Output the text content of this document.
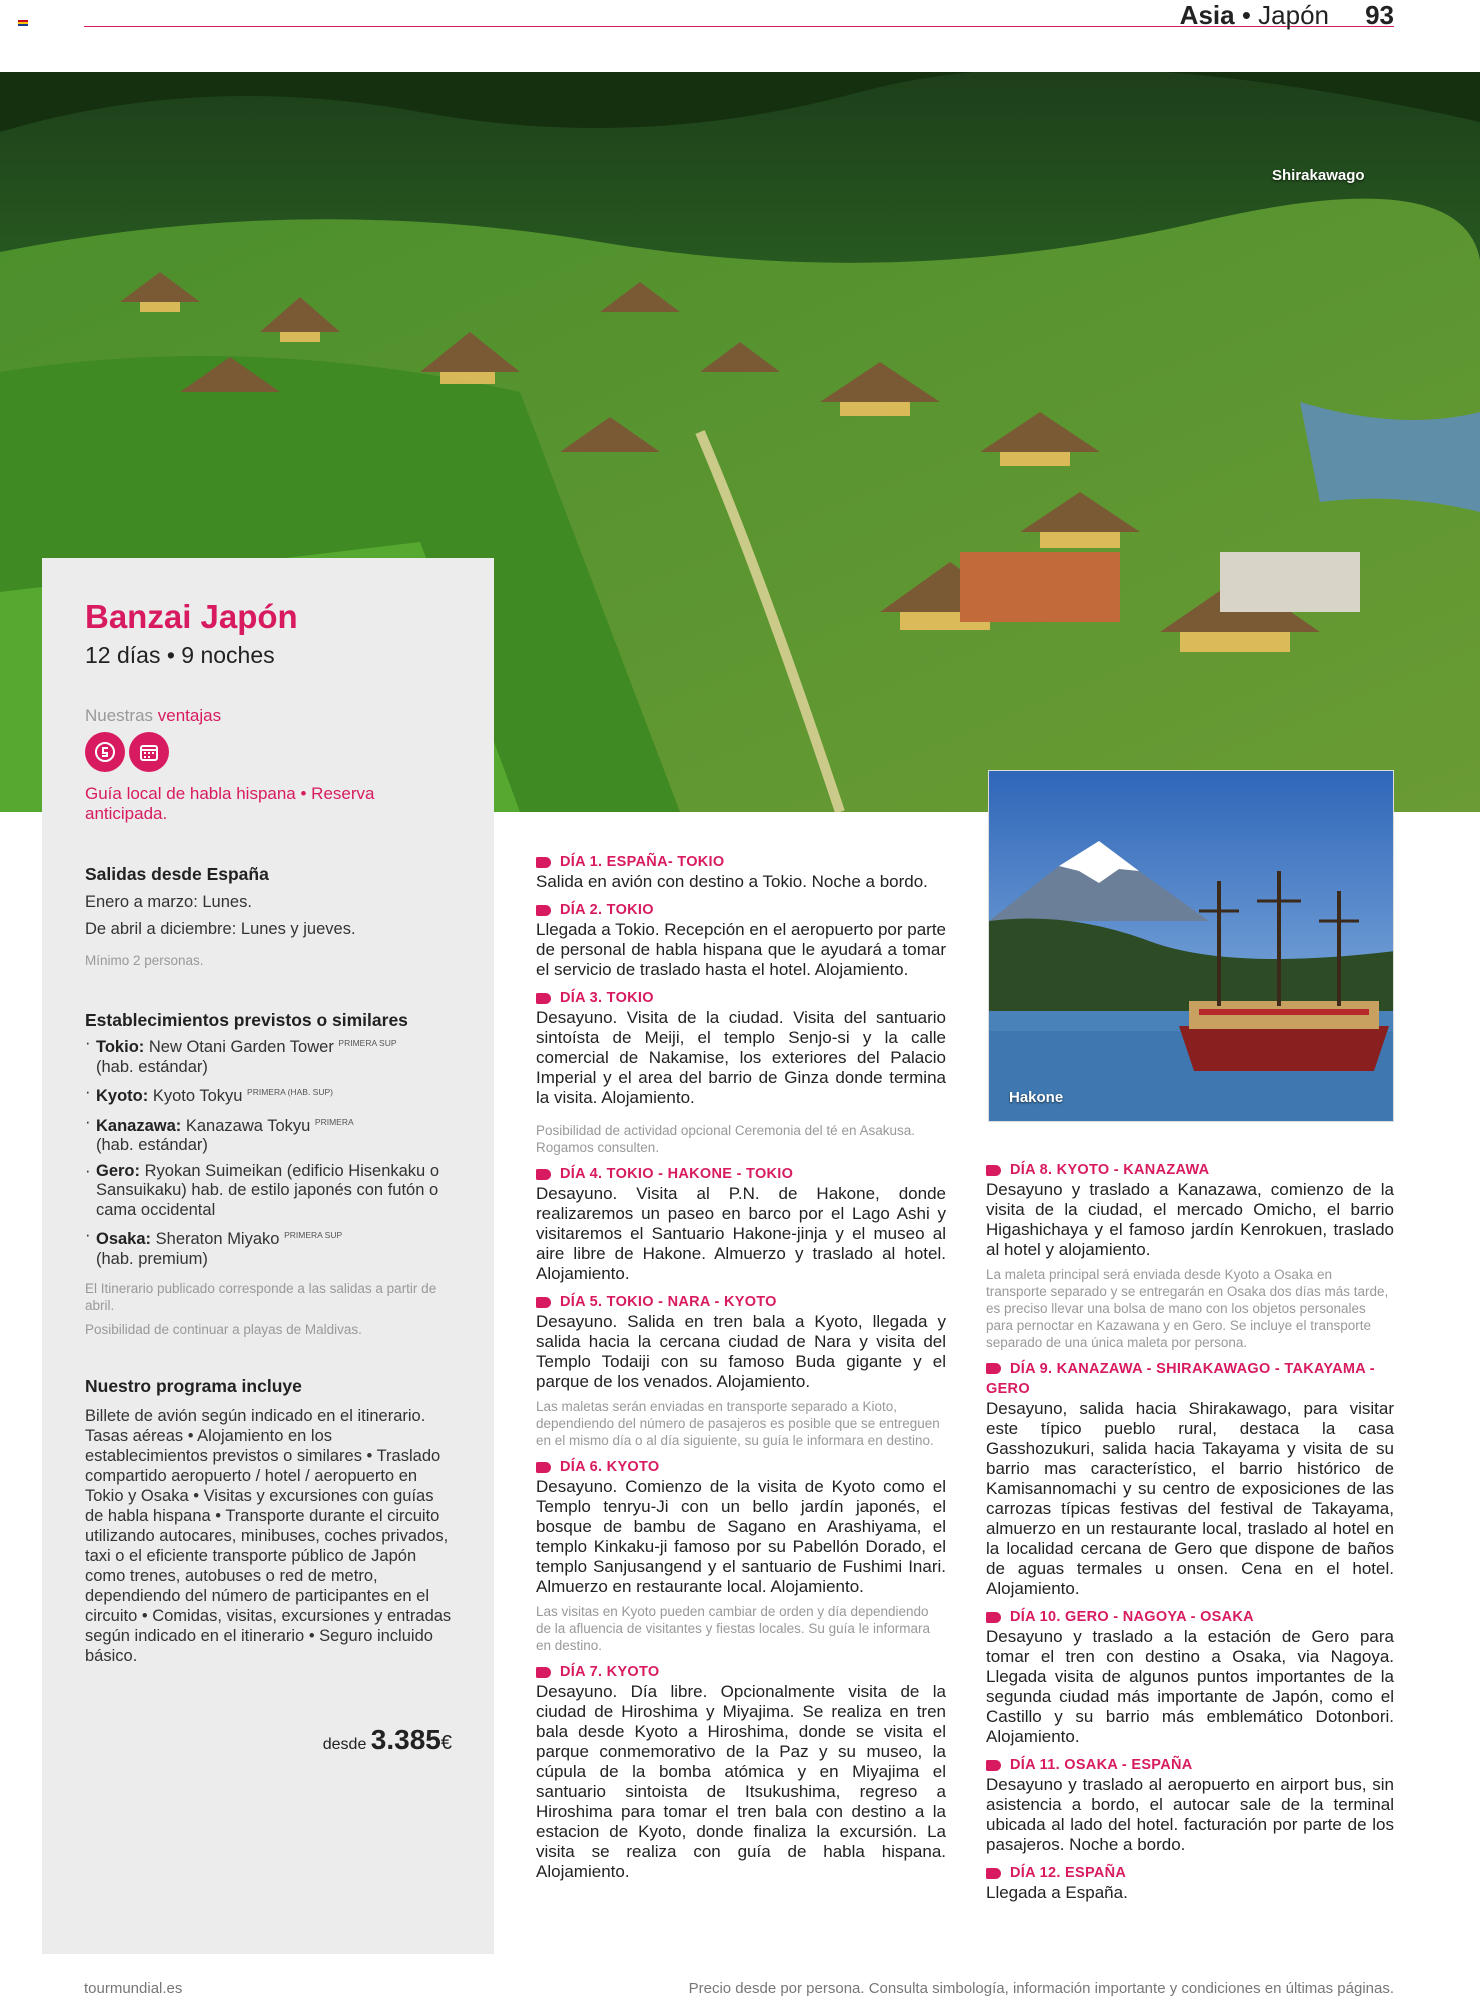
Asia • Japón 93
Shirakawago
Banzai Japón
12 días • 9 noches
Nuestras ventajas
Guía local de habla hispana • Reserva anticipada.
Salidas desde España
Enero a marzo: Lunes.
De abril a diciembre: Lunes y jueves.
Mínimo 2 personas.
Establecimientos previstos o similares
· Tokio: New Otani Garden Tower $^{PRIMERA SUP}$
(hab. estándar)
· Kyoto: Kyoto Tokyu $^{PRIMERA (HAB. SUP)}$
· Kanazawa: Kanazawa Tokyu $^{PRIMERA}$
(hab. estándar)
· Gero: Ryokan Suimeikan (edificio Hisenkaku o Sansuikaku) hab. de estilo japonés con futón o cama occidental
· Osaka: Sheraton Miyako $^{PRIMERA SUP}$
(hab. premium)
El Itinerario publicado corresponde a las salidas a partir de abril.
Posibilidad de continuar a playas de Maldivas.
Nuestro programa incluye
Billete de avión según indicado en el itinerario. Tasas aéreas • Alojamiento en los establecimientos previstos o similares • Traslado compartido aeropuerto / hotel / aeropuerto en Tokio y Osaka • Visitas y excursiones con guías de habla hispana • Transporte durante el circuito utilizando autocares, minibuses, coches privados, taxi o el eficiente transporte público de Japón como trenes, autobuses o red de metro, dependiendo del número de participantes en el circuito • Comidas, visitas, excursiones y entradas según indicado en el itinerario • Seguro incluido básico.
desde 3.385€
DÍA 1. ESPAÑA- TOKIO
Salida en avión con destino a Tokio. Noche a bordo.
DÍA 2. TOKIO
Llegada a Tokio. Recepción en el aeropuerto por parte de personal de habla hispana que le ayudará a tomar el servicio de traslado hasta el hotel. Alojamiento.
DÍA 3. TOKIO
Desayuno. Visita de la ciudad. Visita del santuario sintoísta de Meiji, el templo Senjo-si y la calle comercial de Nakamise, los exteriores del Palacio Imperial y el area del barrio de Ginza donde termina la visita. Alojamiento.
Posibilidad de actividad opcional Ceremonia del té en Asakusa. Rogamos consulten.
DÍA 4. TOKIO - HAKONE - TOKIO
Desayuno. Visita al P.N. de Hakone, donde realizaremos un paseo en barco por el Lago Ashi y visitaremos el Santuario Hakone-jinja y el museo al aire libre de Hakone. Almuerzo y traslado al hotel. Alojamiento.
DÍA 5. TOKIO - NARA - KYOTO
Desayuno. Salida en tren bala a Kyoto, llegada y salida hacia la cercana ciudad de Nara y visita del Templo Todaiji con su famoso Buda gigante y el parque de los venados. Alojamiento.
Las maletas serán enviadas en transporte separado a Kioto, dependiendo del número de pasajeros es posible que se entreguen en el mismo día o al día siguiente, su guía le informara en destino.
DÍA 6. KYOTO
Desayuno. Comienzo de la visita de Kyoto como el Templo tenryu-Ji con un bello jardín japonés, el bosque de bambu de Sagano en Arashiyama, el templo Kinkaku-ji famoso por su Pabellón Dorado, el templo Sanjusangend y el santuario de Fushimi Inari. Almuerzo en restaurante local. Alojamiento.
Las visitas en Kyoto pueden cambiar de orden y día dependiendo de la afluencia de visitantes y fiestas locales. Su guía le informara en destino.
DÍA 7. KYOTO
Desayuno. Día libre. Opcionalmente visita de la ciudad de Hiroshima y Miyajima. Se realiza en tren bala desde Kyoto a Hiroshima, donde se visita el parque conmemorativo de la Paz y su museo, la cúpula de la bomba atómica y en Miyajima el santuario sintoista de Itsukushima, regreso a Hiroshima para tomar el tren bala con destino a la estacion de Kyoto, donde finaliza la excursión. La visita se realiza con guía de habla hispana. Alojamiento.
Hakone
DÍA 8. KYOTO - KANAZAWA
Desayuno y traslado a Kanazawa, comienzo de la visita de la ciudad, el mercado Omicho, el barrio Higashichaya y el famoso jardín Kenrokuen, traslado al hotel y alojamiento.
La maleta principal será enviada desde Kyoto a Osaka en transporte separado y se entregarán en Osaka dos días más tarde, es preciso llevar una bolsa de mano con los objetos personales para pernoctar en Kazawana y en Gero. Se incluye el transporte separado de una única maleta por persona.
DÍA 9. KANAZAWA - SHIRAKAWAGO - TAKAYAMA - GERO
Desayuno, salida hacia Shirakawago, para visitar este típico pueblo rural, destaca la casa Gasshozukuri, salida hacia Takayama y visita de su barrio mas característico, el barrio histórico de Kamisannomachi y su centro de exposiciones de las carrozas típicas festivas del festival de Takayama, almuerzo en un restaurante local, traslado al hotel en la localidad cercana de Gero que dispone de baños de aguas termales u onsen. Cena en el hotel. Alojamiento.
DÍA 10. GERO - NAGOYA - OSAKA
Desayuno y traslado a la estación de Gero para tomar el tren con destino a Osaka, via Nagoya. Llegada visita de algunos puntos importantes de la segunda ciudad más importante de Japón, como el Castillo y su barrio más emblemático Dotonbori. Alojamiento.
DÍA 11. OSAKA - ESPAÑA
Desayuno y traslado al aeropuerto en airport bus, sin asistencia a bordo, el autocar sale de la terminal ubicada al lado del hotel. facturación por parte de los pasajeros. Noche a bordo.
DÍA 12. ESPAÑA
Llegada a España.
tourmundial.es	Precio desde por persona. Consulta simbología, información importante y condiciones en últimas páginas.
